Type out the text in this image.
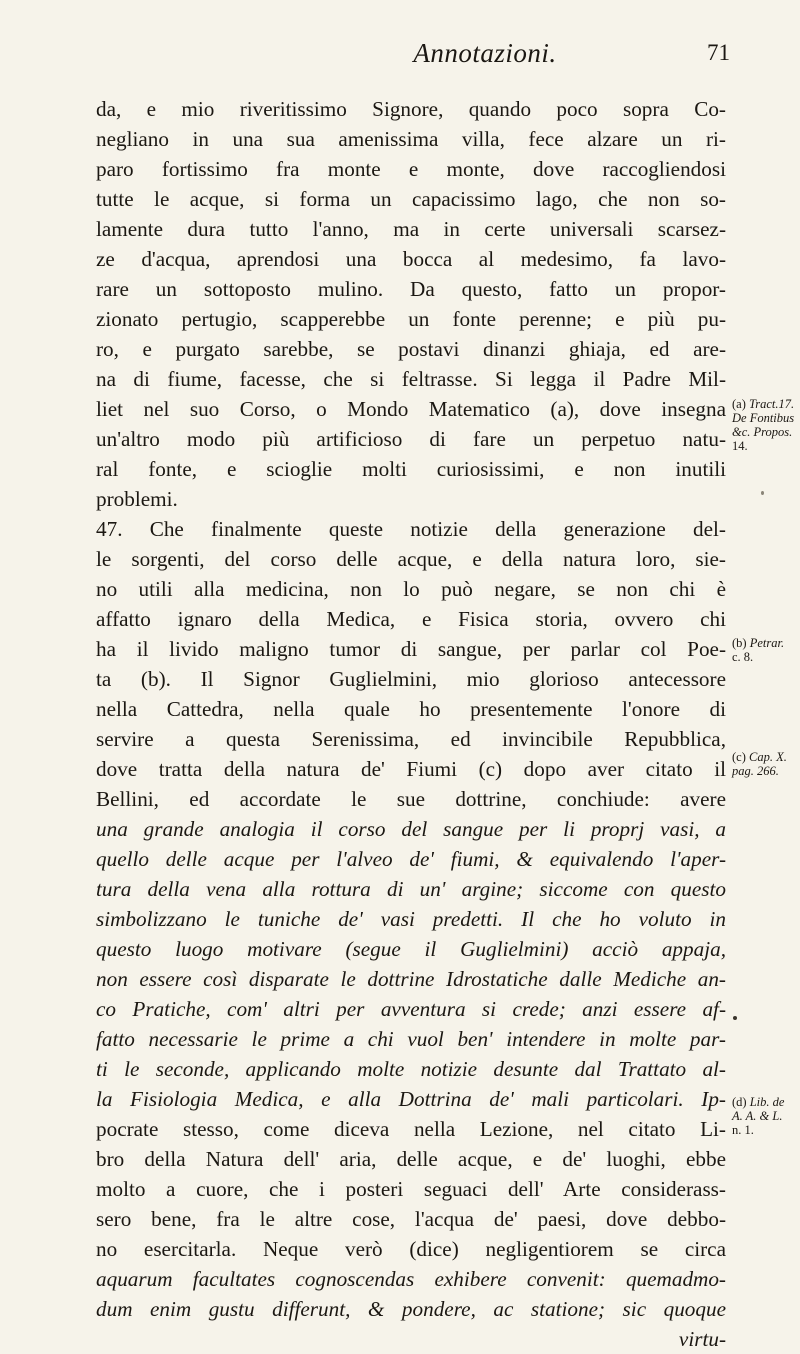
Annotazioni.	71
da, e mio riveritissimo Signore, quando poco sopra Co-
negliano in una sua amenissima villa, fece alzare un ri-
paro fortissimo fra monte e monte, dove raccogliendosi
tutte le acque, si forma un capacissimo lago, che non so-
lamente dura tutto l'anno, ma in certe universali scarsez-
ze d'acqua, aprendosi una bocca al medesimo, fa lavo-
rare un sottoposto mulino. Da questo, fatto un propor-
zionato pertugio, scapperebbe un fonte perenne; e più pu-
ro, e purgato sarebbe, se postavi dinanzi ghiaja, ed are-
na di fiume, facesse, che si feltrasse. Si legga il Padre Mil-
liet nel suo Corso, o Mondo Matematico (a), dove insegna
un'altro modo più artificioso di fare un perpetuo natu-
ral fonte, e scioglie molti curiosissimi, e non inutili
problemi.
47. Che finalmente queste notizie della generazione del-
le sorgenti, del corso delle acque, e della natura loro, sie-
no utili alla medicina, non lo può negare, se non chi è
affatto ignaro della Medica, e Fisica storia, ovvero chi
ha il livido maligno tumor di sangue, per parlar col Poe-
ta (b). Il Signor Guglielmini, mio glorioso antecessore
nella Cattedra, nella quale ho presentemente l'onore di
servire a questa Serenissima, ed invincibile Repubblica,
dove tratta della natura de' Fiumi (c) dopo aver citato il
Bellini, ed accordate le sue dottrine, conchiude: avere
una grande analogia il corso del sangue per li proprj vasi, a
quello delle acque per l'alveo de' fiumi, & equivalendo l'aper-
tura della vena alla rottura di un' argine; siccome con questo
simbolizzano le tuniche de' vasi predetti. Il che ho voluto in
questo luogo motivare (segue il Guglielmini) acciò appaja,
non essere così disparate le dottrine Idrostatiche dalle Mediche an-
co Pratiche, com' altri per avventura si crede; anzi essere af-
fatto necessarie le prime a chi vuol ben' intendere in molte par-
ti le seconde, applicando molte notizie desunte dal Trattato al-
la Fisiologia Medica, e alla Dottrina de' mali particolari. Ip-
pocrate stesso, come diceva nella Lezione, nel citato Li-
bro della Natura dell' aria, delle acque, e de' luoghi, ebbe
molto a cuore, che i posteri seguaci dell' Arte considerass-
sero bene, fra le altre cose, l'acqua de' paesi, dove debbo-
no esercitarla. Neque verò (dice) negligentiorem se circa
aquarum facultates cognoscendas exhibere convenit: quemadmo-
dum enim gustu differunt, & pondere, ac statione; sic quoque
virtu-
(a) Tract.17.
De Fontibus
&c. Propos.
14.
(b) Petrar.
c. 8.
(c) Cap. X.
pag. 266.
(d) Lib. de
A. A. & L.
n. 1.
